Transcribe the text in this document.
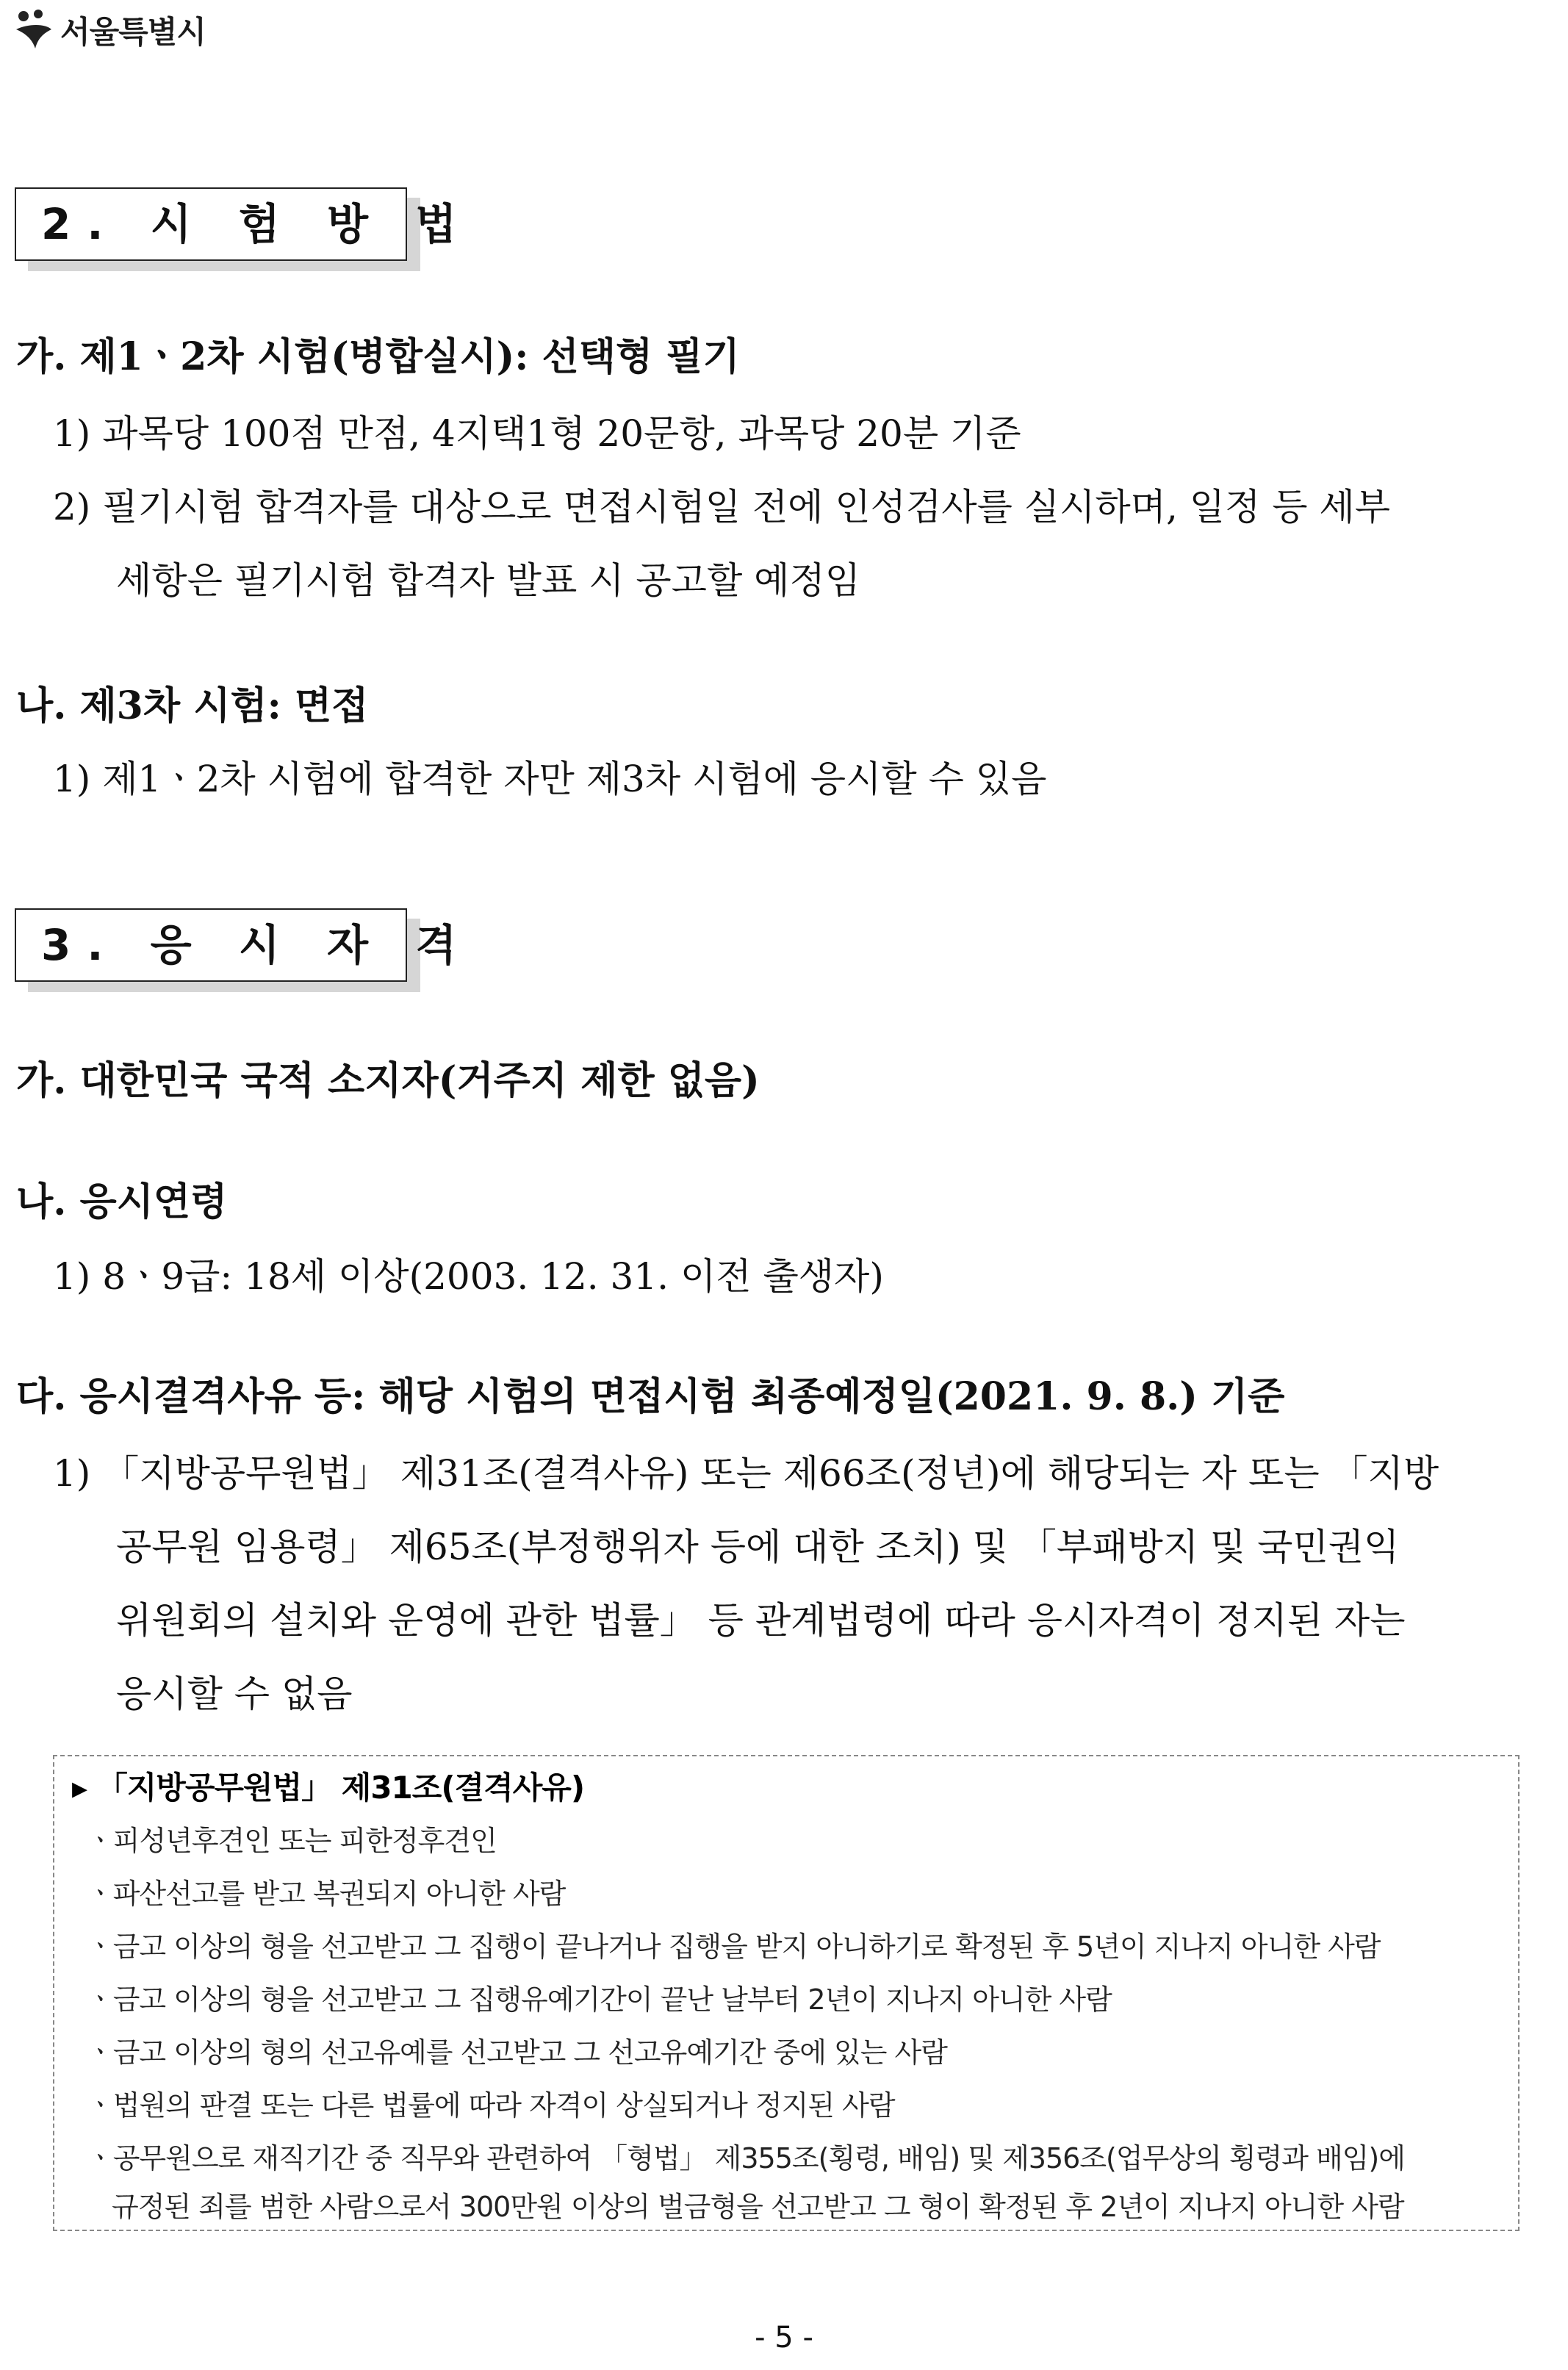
서울특별시
2. 시 험 방 법
가. 제1ㆍ2차 시험(병합실시): 선택형 필기
1) 과목당 100점 만점, 4지택1형 20문항, 과목당 20분 기준
2) 필기시험 합격자를 대상으로 면접시험일 전에 인성검사를 실시하며, 일정 등 세부
세항은 필기시험 합격자 발표 시 공고할 예정임
나. 제3차 시험: 면접
1) 제1ㆍ2차 시험에 합격한 자만 제3차 시험에 응시할 수 있음
3. 응 시 자 격
가. 대한민국 국적 소지자(거주지 제한 없음)
나. 응시연령
1) 8ㆍ9급: 18세 이상(2003. 12. 31. 이전 출생자)
다. 응시결격사유 등: 해당 시험의 면접시험 최종예정일(2021. 9. 8.) 기준
1) 「지방공무원법」 제31조(결격사유) 또는 제66조(정년)에 해당되는 자 또는 「지방
공무원 임용령」 제65조(부정행위자 등에 대한 조치) 및 「부패방지 및 국민권익
위원회의 설치와 운영에 관한 법률」 등 관계법령에 따라 응시자격이 정지된 자는
응시할 수 없음
▸ 「지방공무원법」 제31조(결격사유)
ㆍ피성년후견인 또는 피한정후견인
ㆍ파산선고를 받고 복권되지 아니한 사람
ㆍ금고 이상의 형을 선고받고 그 집행이 끝나거나 집행을 받지 아니하기로 확정된 후 5년이 지나지 아니한 사람
ㆍ금고 이상의 형을 선고받고 그 집행유예기간이 끝난 날부터 2년이 지나지 아니한 사람
ㆍ금고 이상의 형의 선고유예를 선고받고 그 선고유예기간 중에 있는 사람
ㆍ법원의 판결 또는 다른 법률에 따라 자격이 상실되거나 정지된 사람
ㆍ공무원으로 재직기간 중 직무와 관련하여 「형법」 제355조(횡령, 배임) 및 제356조(업무상의 횡령과 배임)에
규정된 죄를 범한 사람으로서 300만원 이상의 벌금형을 선고받고 그 형이 확정된 후 2년이 지나지 아니한 사람
- 5 -
